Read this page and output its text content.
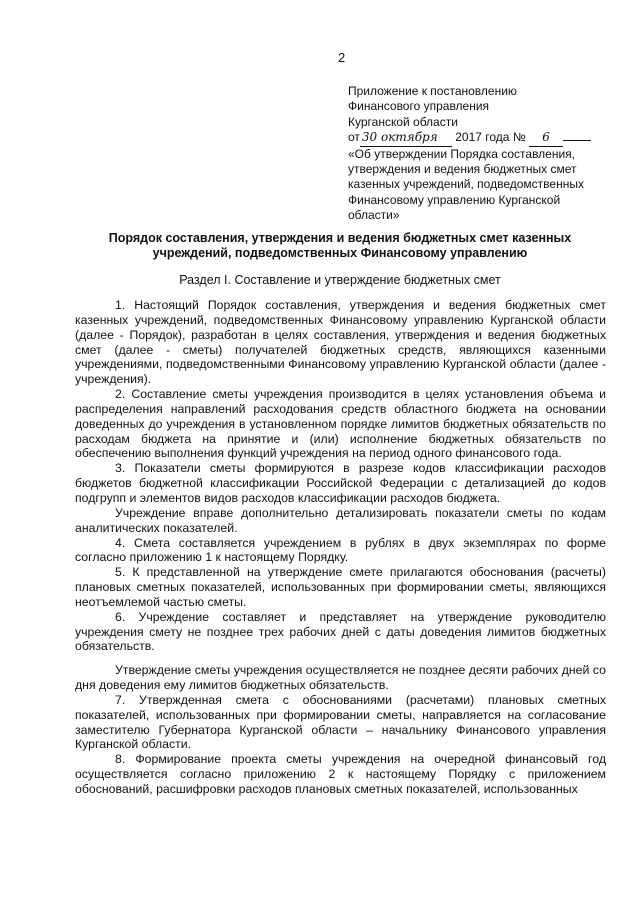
2
Приложение к постановлению
Финансового управления
Курганской области
от 30 октября 2017 года № 6
«Об утверждении Порядка составления,
утверждения и ведения бюджетных смет
казенных учреждений, подведомственных
Финансовому управлению Курганской
области»
Порядок составления, утверждения и ведения бюджетных смет казенных
учреждений, подведомственных Финансовому управлению
Раздел I. Составление и утверждение бюджетных смет

1. Настоящий Порядок составления, утверждения и ведения бюджетных смет казенных учреждений, подведомственных Финансовому управлению Курганской области (далее - Порядок), разработан в целях составления, утверждения и ведения бюджетных смет (далее - сметы) получателей бюджетных средств, являющихся казенными учреждениями, подведомственными Финансовому управлению Курганской области (далее - учреждения).

2. Составление сметы учреждения производится в целях установления объема и распределения направлений расходования средств областного бюджета на основании доведенных до учреждения в установленном порядке лимитов бюджетных обязательств по расходам бюджета на принятие и (или) исполнение бюджетных обязательств по обеспечению выполнения функций учреждения на период одного финансового года.

3. Показатели сметы формируются в разрезе кодов классификации расходов бюджетов бюджетной классификации Российской Федерации с детализацией до кодов подгрупп и элементов видов расходов классификации расходов бюджета.

Учреждение вправе дополнительно детализировать показатели сметы по кодам аналитических показателей.

4. Смета составляется учреждением в рублях в двух экземплярах по форме согласно приложению 1 к настоящему Порядку.

5. К представленной на утверждение смете прилагаются обоснования (расчеты) плановых сметных показателей, использованных при формировании сметы, являющихся неотъемлемой частью сметы.

6. Учреждение составляет и представляет на утверждение руководителю учреждения смету не позднее трех рабочих дней с даты доведения лимитов бюджетных обязательств.

Утверждение сметы учреждения осуществляется не позднее десяти рабочих дней со дня доведения ему лимитов бюджетных обязательств.

7. Утвержденная смета с обоснованиями (расчетами) плановых сметных показателей, использованных при формировании сметы, направляется на согласование заместителю Губернатора Курганской области – начальнику Финансового управления Курганской области.

8. Формирование проекта сметы учреждения на очередной финансовый год осуществляется согласно приложению 2 к настоящему Порядку с приложением обоснований, расшифровки расходов плановых сметных показателей, использованных
